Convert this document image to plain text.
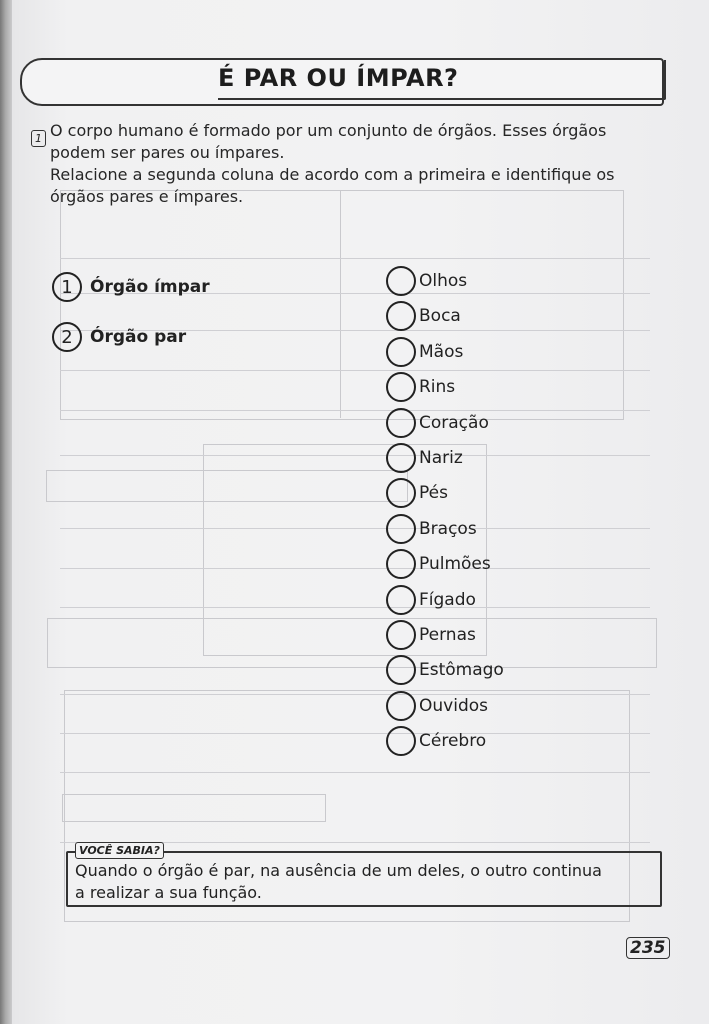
É PAR OU ÍMPAR?
1 O corpo humano é formado por um conjunto de órgãos. Esses órgãos
podem ser pares ou ímpares.
Relacione a segunda coluna de acordo com a primeira e identifique os
órgãos pares e ímpares.
1	Órgão ímpar
2	Órgão par
Olhos
Boca
Mãos
Rins
Coração
Nariz
Pés
Braços
Pulmões
Fígado
Pernas
Estômago
Ouvidos
Cérebro
VOCÊ SABIA?
Quando o órgão é par, na ausência de um deles, o outro continua
a realizar a sua função.
235
